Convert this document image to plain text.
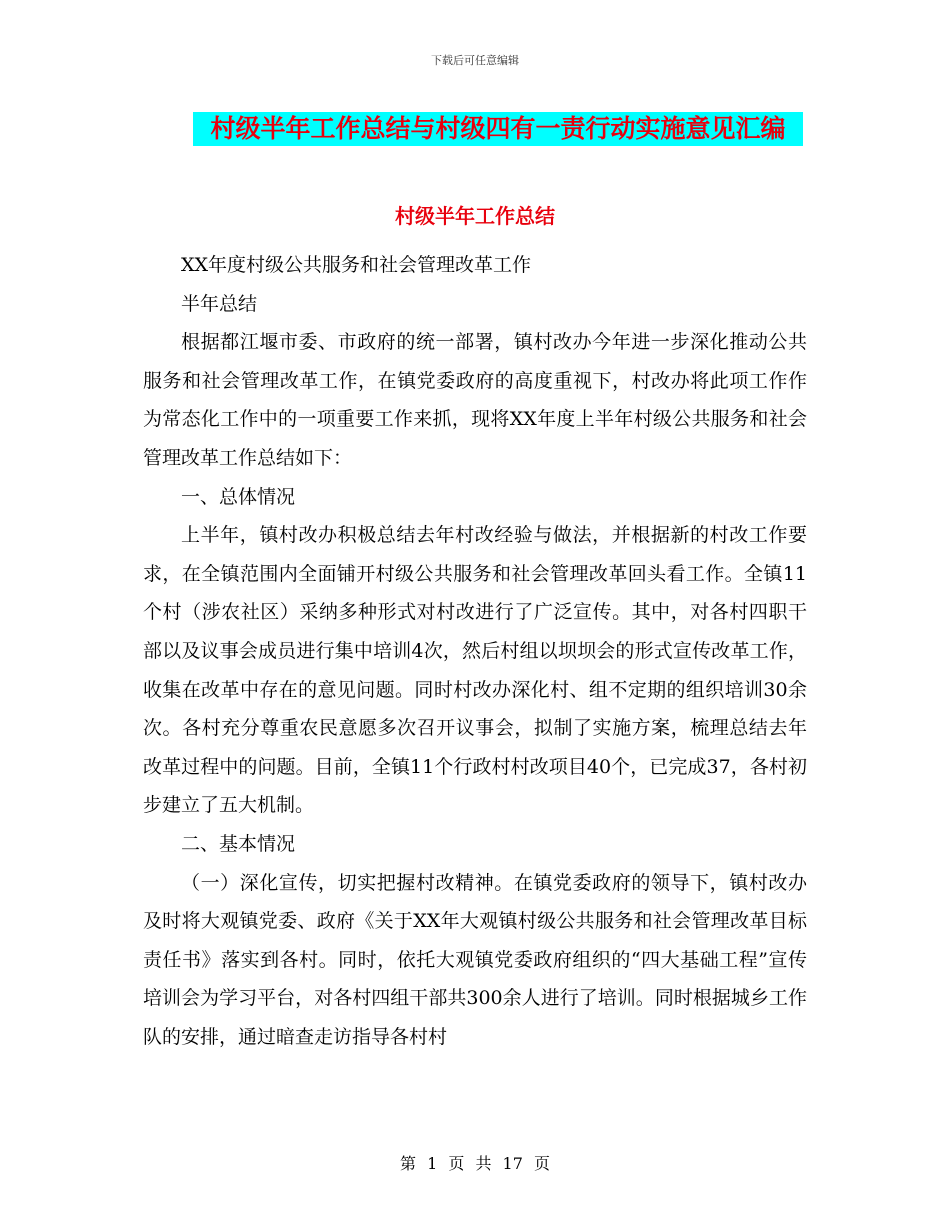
下载后可任意编辑
村级半年工作总结与村级四有一责行动实施意见汇编
村级半年工作总结

XX年度村级公共服务和社会管理改革工作

半年总结

根据都江堰市委、市政府的统一部署，镇村改办今年进一步深化推动公共服务和社会管理改革工作，在镇党委政府的高度重视下，村改办将此项工作作为常态化工作中的一项重要工作来抓，现将XX年度上半年村级公共服务和社会管理改革工作总结如下：

一、总体情况

上半年，镇村改办积极总结去年村改经验与做法，并根据新的村改工作要求，在全镇范围内全面铺开村级公共服务和社会管理改革回头看工作。全镇11个村（涉农社区）采纳多种形式对村改进行了广泛宣传。其中，对各村四职干部以及议事会成员进行集中培训4次，然后村组以坝坝会的形式宣传改革工作，收集在改革中存在的意见问题。同时村改办深化村、组不定期的组织培训30余次。各村充分尊重农民意愿多次召开议事会，拟制了实施方案，梳理总结去年改革过程中的问题。目前，全镇11个行政村村改项目40个，已完成37，各村初步建立了五大机制。

二、基本情况

（一）深化宣传，切实把握村改精神。在镇党委政府的领导下，镇村改办及时将大观镇党委、政府《关于XX年大观镇村级公共服务和社会管理改革目标责任书》落实到各村。同时，依托大观镇党委政府组织的“四大基础工程”宣传培训会为学习平台，对各村四组干部共300余人进行了培训。同时根据城乡工作队的安排，通过暗查走访指导各村村

第 1 页 共 17 页
